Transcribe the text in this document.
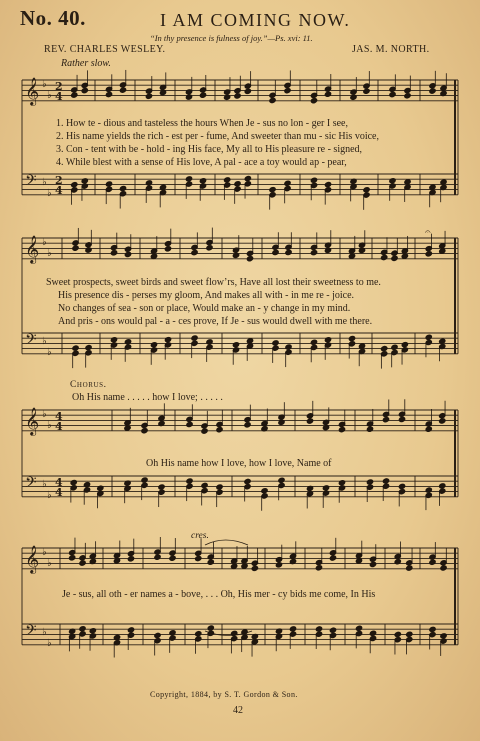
No. 40.	I AM COMING NOW.
“In thy presence is fulness of joy.”—Ps. xvi: 11.
REV. CHARLES WESLEY.	JAS. M. NORTH.
Rather slow.
𝄞 ♭
♭
2
4
𝄢 ♭
♭
2
4
𝄞 ♭
♭
𝄢 ♭
♭
𝄞 ♭
♭
4
4
𝄢 ♭
♭
4
4
𝄞 ♭
♭
𝄢 ♭
♭
𝄐
1. How te - dious and tasteless the hours When Je - sus no lon - ger I see,
2. His name yields the rich - est per - fume, And sweeter than mu - sic His voice,
3. Con - tent with be - hold - ing His face, My all to His pleasure re - signed,
4. While blest with a sense of His love, A pal - ace a toy would ap - pear,
Sweet prospects, sweet birds and sweet flow’rs, Have all lost their sweetness to me.
His presence dis - perses my gloom, And makes all with - in me re - joice.
No changes of sea - son or place, Would make an - y change in my mind.
And pris - ons would pal - a - ces prove, If Je - sus would dwell with me there.
Chorus.
Oh His name . . . . . how I love; . . . . .
Oh His name how I love, how I love, Name of
cres.
Je - sus, all oth - er names a - bove, . . . Oh, His mer - cy bids me come, In His
Copyright, 1884, by S. T. Gordon & Son.
42
